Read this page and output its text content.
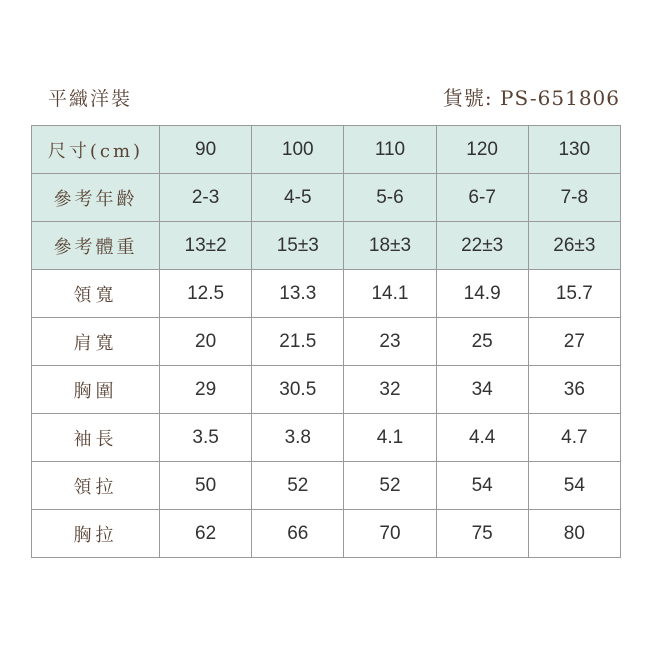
平織洋裝	貨號: PS-651806
尺寸(cm)	90	100	110	120	130
參考年齡	2-3	4-5	5-6	6-7	7-8
參考體重	13±2	15±3	18±3	22±3	26±3
領寬	12.5	13.3	14.1	14.9	15.7
肩寬	20	21.5	23	25	27
胸圍	29	30.5	32	34	36
袖長	3.5	3.8	4.1	4.4	4.7
領拉	50	52	52	54	54
胸拉	62	66	70	75	80
